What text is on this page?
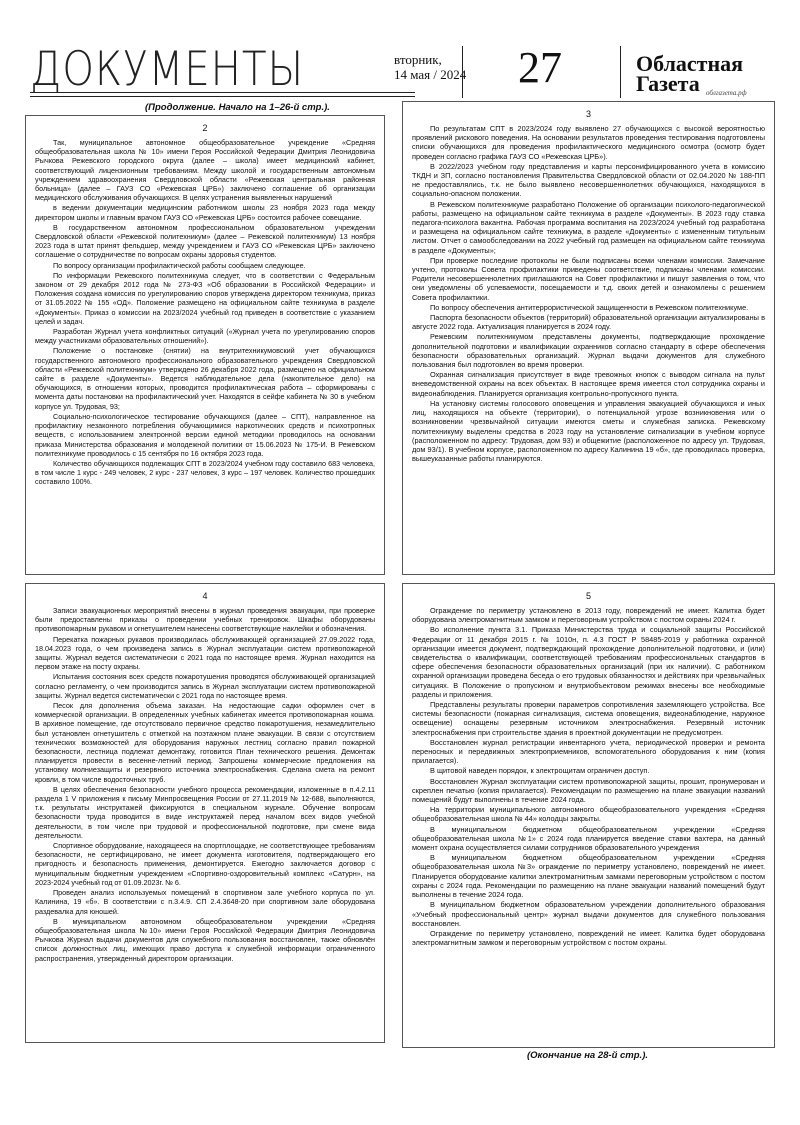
ДОКУМЕНТЫ	вторник,
14 мая / 2024 27	Областная
Газета облгазета.рф
(Продолжение. Начало на 1–26-й стр.).
2
Так, муниципальное автономное общеобразовательное учреждение «Средняя общеобразовательная школа № 10» имени Героя Российской Федерации Дмитрия Леонидовича Рычкова Режевского городского округа (далее – школа) имеет медицинский кабинет, соответствующий лицензионным требованиям. Между школой и государственным автономным учреждением здравоохранения Свердловской области «Режевская центральная районная больница» (далее – ГАУЗ СО «Режевская ЦРБ») заключено соглашение об организации медицинского обслуживания обучающихся. В целях устранения выявленных нарушений
в ведении документации медицинским работником школы 23 ноября 2023 года между директором школы и главным врачом ГАУЗ СО «Режевская ЦРБ» состоится рабочее совещание.
В государственном автономном профессиональном образовательном учреждении Свердловской области «Режевской политехникум» (далее – Режевской политехникум) 13 ноября 2023 года в штат принят фельдшер, между учреждением и ГАУЗ СО «Режевская ЦРБ» заключено соглашение о сотрудничестве по вопросам охраны здоровья студентов.
По вопросу организации профилактической работы сообщаем следующее.
По информации Режевского политехникума следует, что в соответствии с Федеральным законом от 29 декабря 2012 года № 273-ФЗ «Об образовании в Российской Федерации» и Положения создана комиссия по урегулированию споров утверждена директором техникума, приказ от 31.05.2022 № 155 «ОД». Положение размещено на официальном сайте техникума в разделе «Документы». Приказ о комиссии на 2023/2024 учебный год приведен в соответствие с указанием целей и задач.
Разработан Журнал учета конфликтных ситуаций («Журнал учета по урегулированию споров между участниками образовательных отношений»).
Положение о постановке (снятии) на внутритехникумовский учет обучающихся государственного автономного профессионального образовательного учреждения Свердловской области «Режевской политехникум» утверждено 26 декабря 2022 года, размещено на официальном сайте в разделе «Документы». Ведется наблюдательное дела (накопительное дело) на обучающихся, в отношении которых, проводится профилактическая работа – сформированы с момента даты постановки на профилактический учет. Находятся в сейфе кабинета № 30 в учебном корпусе ул. Трудовая, 93;
Социально-психологическое тестирование обучающихся (далее – СПТ), направленное на профилактику незаконного потребления обучающимися наркотических средств и психотропных веществ, с использованием электронной версии единой методики проводилось на основании приказа Министерства образования и молодежной политики от 15.06.2023 № 175-И. В Режевском политехникуме проводилось с 15 сентября по 16 октября 2023 года.
Количество обучающихся подлежащих СПТ в 2023/2024 учебном году составило 683 человека, в том числе 1 курс - 249 человек, 2 курс - 237 человек, 3 курс – 197 человек. Количество прошедших составило 100%.
3
По результатам СПТ в 2023/2024 году выявлено 27 обучающихся с высокой вероятностью проявлений рискового поведения. На основании результатов проведения тестирования подготовлены списки обучающихся для проведения профилактического медицинского осмотра (осмотр будет проведен согласно графика ГАУЗ СО «Режевская ЦРБ»).
В 2022/2023 учебном году представления и карты персонифицированного учета в комиссию ТКДН и ЗП, согласно постановления Правительства Свердловской области от 02.04.2020 № 188-ПП не предоставлялись, т.к. не было выявлено несовершеннолетних обучающихся, находящихся в социально-опасном положении.
В Режевском политехникуме разработано Положение об организации психолого-педагогической работы, размещено на официальном сайте техникума в разделе «Документы». В 2023 году ставка педагога-психолога вакантна. Рабочая программа воспитания на 2023/2024 учебный год разработана и размещена на официальном сайте техникума, в разделе «Документы» с измененным титульным листом. Отчет о самообследовании на 2022 учебный год размещен на официальном сайте техникума в разделе «Документы»;
При проверке последние протоколы не были подписаны всеми членами комиссии. Замечание учтено, протоколы Совета профилактики приведены соответствие, подписаны членами комиссии. Родители несовершеннолетних приглашаются на Совет профилактики и пишут заявления о том, что они уведомлены об успеваемости, посещаемости и т.д. своих детей и ознакомлены с решением Совета профилактики.
По вопросу обеспечения антитеррористической защищенности в Режевском политехникуме.
Паспорта безопасности объектов (территорий) образовательной организации актуализированы в августе 2022 года. Актуализация планируется в 2024 году.
Режевским политехникумом представлены документы, подтверждающие прохождение дополнительной подготовки и квалификации охранников согласно стандарту в сфере обеспечения безопасности образовательных организаций. Журнал выдачи документов для служебного пользования был подготовлен во время проверки.
Охранная сигнализация присутствует в виде тревожных кнопок с выводом сигнала на пульт вневедомственной охраны на всех объектах. В настоящее время имеется стол сотрудника охраны и видеонаблюдения. Планируется организация контрольно-пропускного пункта.
На установку системы голосового оповещения и управления эвакуацией обучающихся и иных лиц, находящихся на объекте (территории), о потенциальной угрозе возникновения или о возникновении чрезвычайной ситуации имеются сметы и служебная записка. Режевскому политехникуму выделены средства в 2023 году на установление сигнализации в учебном корпусе (расположенном по адресу: Трудовая, дом 93) и общежитие (расположенное по адресу ул. Трудовая, дом 93/1). В учебном корпусе, расположенном по адресу Калинина 19 «б», где проводилась проверка, вышеуказанные работы планируются.
4
Записи эвакуационных мероприятий внесены в журнал проведения эвакуации, при проверке были предоставлены приказы о проведении учебных тренировок. Шкафы оборудованы противопожарным рукавом и огнетушителем нанесены соответствующие наклейки и обозначения.
Перекатка пожарных рукавов производилась обслуживающей организацией 27.09.2022 года, 18.04.2023 года, о чем произведена запись в Журнал эксплуатации систем противопожарной защиты. Журнал ведется систематически с 2021 года по настоящее время. Журнал находится на первом этаже на посту охраны.
Испытания состояния всех средств пожаротушения проводятся обслуживающей организацией согласно регламенту, о чем производится запись в Журнал эксплуатации систем противопожарной защиты. Журнал ведется систематически с 2021 года по настоящее время.
Песок для дополнения объема заказан. На недостающие садки оформлен счет в коммерческой организации. В определенных учебных кабинетах имеется противопожарная кошма. В архивное помещение, где отсутствовало первичное средство пожаротушения, незамедлительно был установлен огнетушитель с отметкой на поэтажном плане эвакуации. В связи с отсутствием технических возможностей для оборудования наружных лестниц согласно правил пожарной безопасности, лестница подлежат демонтажу, готовится План технического решения. Демонтаж планируется провести в весенне-летний период. Запрошены коммерческие предложения на установку молниезащиты и резервного источника электроснабжения. Сделана смета на ремонт кровли, в том числе водосточных труб.
В целях обеспечения безопасности учебного процесса рекомендации, изложенные в п.4.2.11 раздела 1 V приложения к письму Минпросвещения России от 27.11.2019 № 12-688, выполняются, т.к. результаты инструктажей фиксируются в специальном журнале. Обучение вопросам безопасности труда проводится в виде инструктажей перед началом всех видов учебной деятельности, в том числе при трудовой и профессиональной подготовке, при смене вида деятельности.
Спортивное оборудование, находящееся на спортплощадке, не соответствующее требованиям безопасности, не сертифицировано, не имеет документа изготовителя, подтверждающего его пригодность и безопасность применения, демонтируется. Ежегодно заключается договор с муниципальным бюджетным учреждением «Спортивно-оздоровительный комплекс «Сатурн», на 2023-2024 учебный год от 01.09.2023г. № 6.
Проведен анализ используемых помещений в спортивном зале учебного корпуса по ул. Калинина, 19 «б». В соответствии с п.3.4.9. СП 2.4.3648-20 при спортивном зале оборудована раздевалка для юношей.
В муниципальном автономном общеобразовательном учреждении «Средняя общеобразовательная школа №10» имени Героя Российской Федерации Дмитрия Леонидовича Рычкова Журнал выдачи документов для служебного пользования восстановлен, также обновлён список должностных лиц, имеющих право доступа к служебной информации ограниченного распространения, утвержденный директором организации.
5
Ограждение по периметру установлено в 2013 году, повреждений не имеет. Калитка будет оборудована электромагнитным замком и переговорным устройством с постом охраны 2024 г.
Во исполнение пункта 3.1. Приказа Министерства труда и социальной защиты Российской Федерации от 11 декабря 2015 г. № 1010н, п. 4.3 ГОСТ Р 58485-2019 у работника охранной организации имеется документ, подтверждающий прохождение дополнительной подготовки, и (или) свидетельства о квалификации, соответствующей требованиям профессиональных стандартов в сфере обеспечения безопасности образовательных организаций (при их наличии). С работником охранной организации проведена беседа о его трудовых обязанностях и действиях при чрезвычайных ситуациях. В Положение о пропускном и внутриобъектовом режимах внесены все необходимые разделы и приложения.
Представлены результаты проверки параметров сопротивления заземляющего устройства. Все системы безопасности (пожарная сигнализация, система оповещения, видеонаблюдение, наружное освещение) оснащены резервным источником электроснабжения. Резервный источник электроснабжения при строительстве здания в проектной документации не предусмотрен.
Восстановлен журнал регистрации инвентарного учета, периодической проверки и ремонта переносных и передвижных электроприемников, вспомогательного оборудования к ним (копия прилагается).
В щитовой наведен порядок, к электрощитам ограничен доступ.
Восстановлен Журнал эксплуатации систем противопожарной защиты, прошит, пронумерован и скреплен печатью (копия прилагается). Рекомендации по размещению на плане эвакуации названий помещений будут выполнены в течение 2024 года.
На территории муниципального автономного общеобразовательного учреждения «Средняя общеобразовательная школа № 44» колодцы закрыты.
В муниципальном бюджетном общеобразовательном учреждении «Средняя общеобразовательная школа №1» с 2024 года планируется введение ставки вахтера, на данный момент охрана осуществляется силами сотрудников образовательного учреждения
В муниципальном бюджетном общеобразовательном учреждении «Средняя общеобразовательная школа №3» ограждение по периметру установлено, повреждений не имеет. Планируется оборудование калитки электромагнитным замками переговорным устройством с постом охраны с 2024 года. Рекомендации по размещению на плане эвакуации названий помещений будут выполнены в течение 2024 года.
В муниципальном бюджетном образовательном учреждении дополнительного образования «Учебный профессиональный центр» журнал выдачи документов для служебного пользования восстановлен.
Ограждение по периметру установлено, повреждений не имеет. Калитка будет оборудована электромагнитным замком и переговорным устройством с постом охраны.
(Окончание на 28-й стр.).
